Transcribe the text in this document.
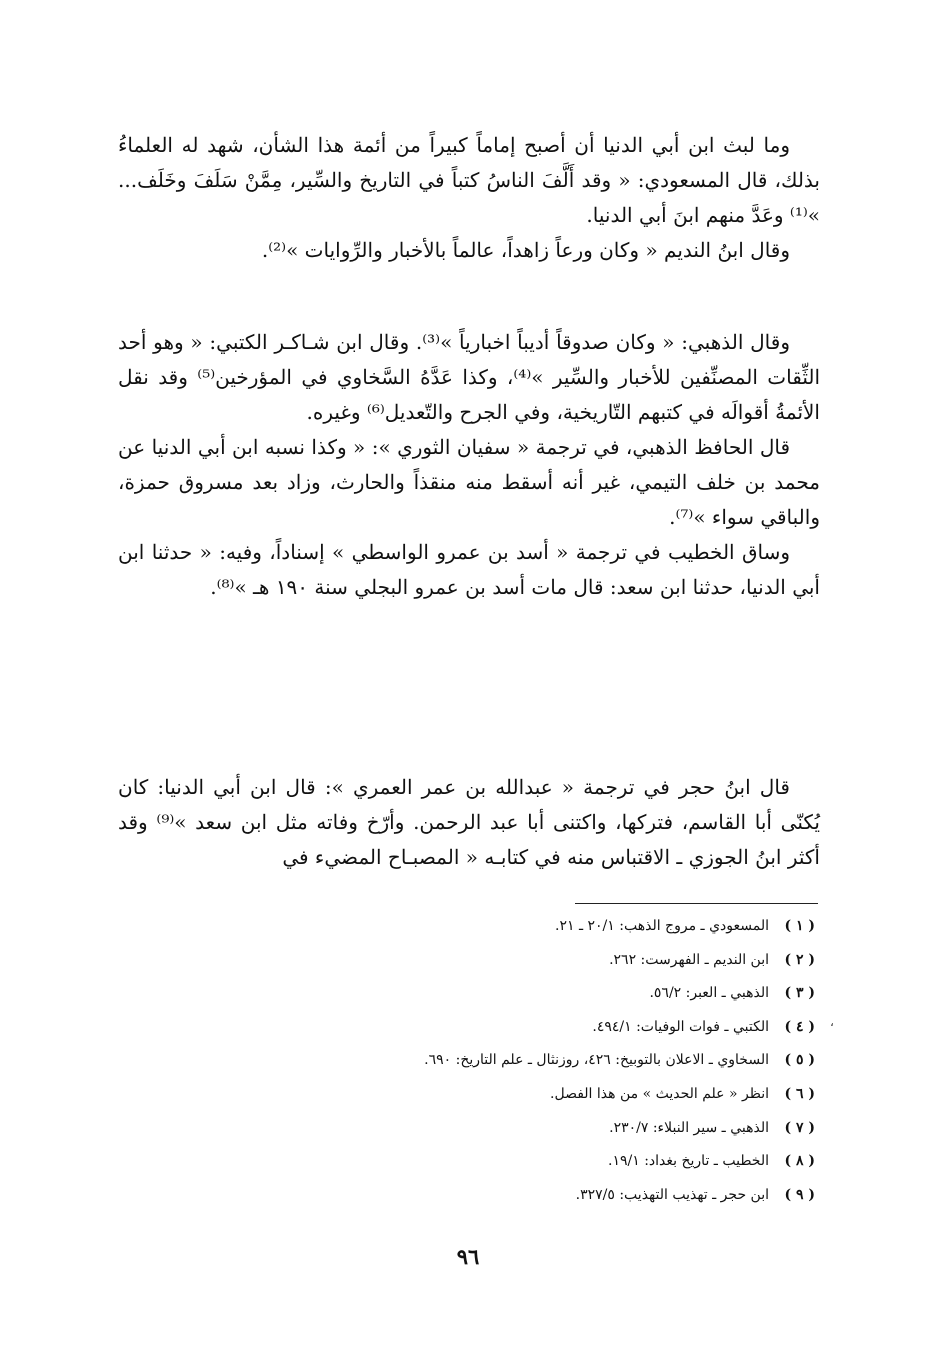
وما لبث ابن أبي الدنيا أن أصبح إماماً كبيراً من أئمة هذا الشأن، شهد له العلماءُ بذلك، قال المسعودي: « وقد أَلَّفَ الناسُ كتباً في التاريخ والسِّير، مِمَّنْ سَلَفَ وخَلَف... »⁽¹⁾ وعَدَّ منهم ابنَ أبي الدنيا.

وقال ابنُ النديم « وكان ورعاً زاهداً، عالماً بالأخبار والرِّوايات »⁽²⁾.

وقال الذهبي: « وكان صدوقاً أديباً اخبارياً »⁽³⁾. وقال ابن شـاكـر الكتبي: « وهو أحد الثِّقات المصنِّفين للأخبار والسِّير »⁽⁴⁾، وكذا عَدَّهُ السَّخاوي في المؤرخين⁽⁵⁾ وقد نقل الأئمةُ أقوالَه في كتبهم التّاريخية، وفي الجرح والتّعديل⁽⁶⁾ وغيره.

قال الحافظ الذهبي، في ترجمة « سفيان الثوري »: « وكذا نسبه ابن أبي الدنيا عن محمد بن خلف التيمي، غير أنه أسقط منه منقذاً والحارث، وزاد بعد مسروق حمزة، والباقي سواء »⁽⁷⁾.

وساق الخطيب في ترجمة « أسد بن عمرو الواسطي » إسناداً، وفيه: « حدثنا ابن أبي الدنيا، حدثنا ابن سعد: قال مات أسد بن عمرو البجلي سنة ١٩٠ هـ »⁽⁸⁾.

قال ابنُ حجر في ترجمة « عبدالله بن عمر العمري »: قال ابن أبي الدنيا: كان يُكنّى أبا القاسم، فتركها، واكتنى أبا عبد الرحمن. وأرّخ وفاته مثل ابن سعد »⁽⁹⁾ وقد أكثر ابنُ الجوزي ـ الاقتباس منه في كتابـه « المصبـاح المضيء في

( ١ )
المسعودي ـ مروج الذهب: ٢٠/١ ـ ٢١.
( ٢ )
ابن النديم ـ الفهرست: ٢٦٢.
( ٣ )
الذهبي ـ العبر: ٥٦/٢.
( ٤ )
الكتبي ـ فوات الوفيات: ٤٩٤/١.
( ٥ )
السخاوي ـ الاعلان بالتوبيخ: ٤٢٦، روزنثال ـ علم التاريخ: ٦٩٠.
( ٦ )
انظر « علم الحديث » من هذا الفصل.
( ٧ )
الذهبي ـ سير النبلاء: ٢٣٠/٧.
( ٨ )
الخطيب ـ تاريخ بغداد: ١٩/١.
( ٩ )
ابن حجر ـ تهذيب التهذيب: ٣٢٧/٥.
،
٩٦
